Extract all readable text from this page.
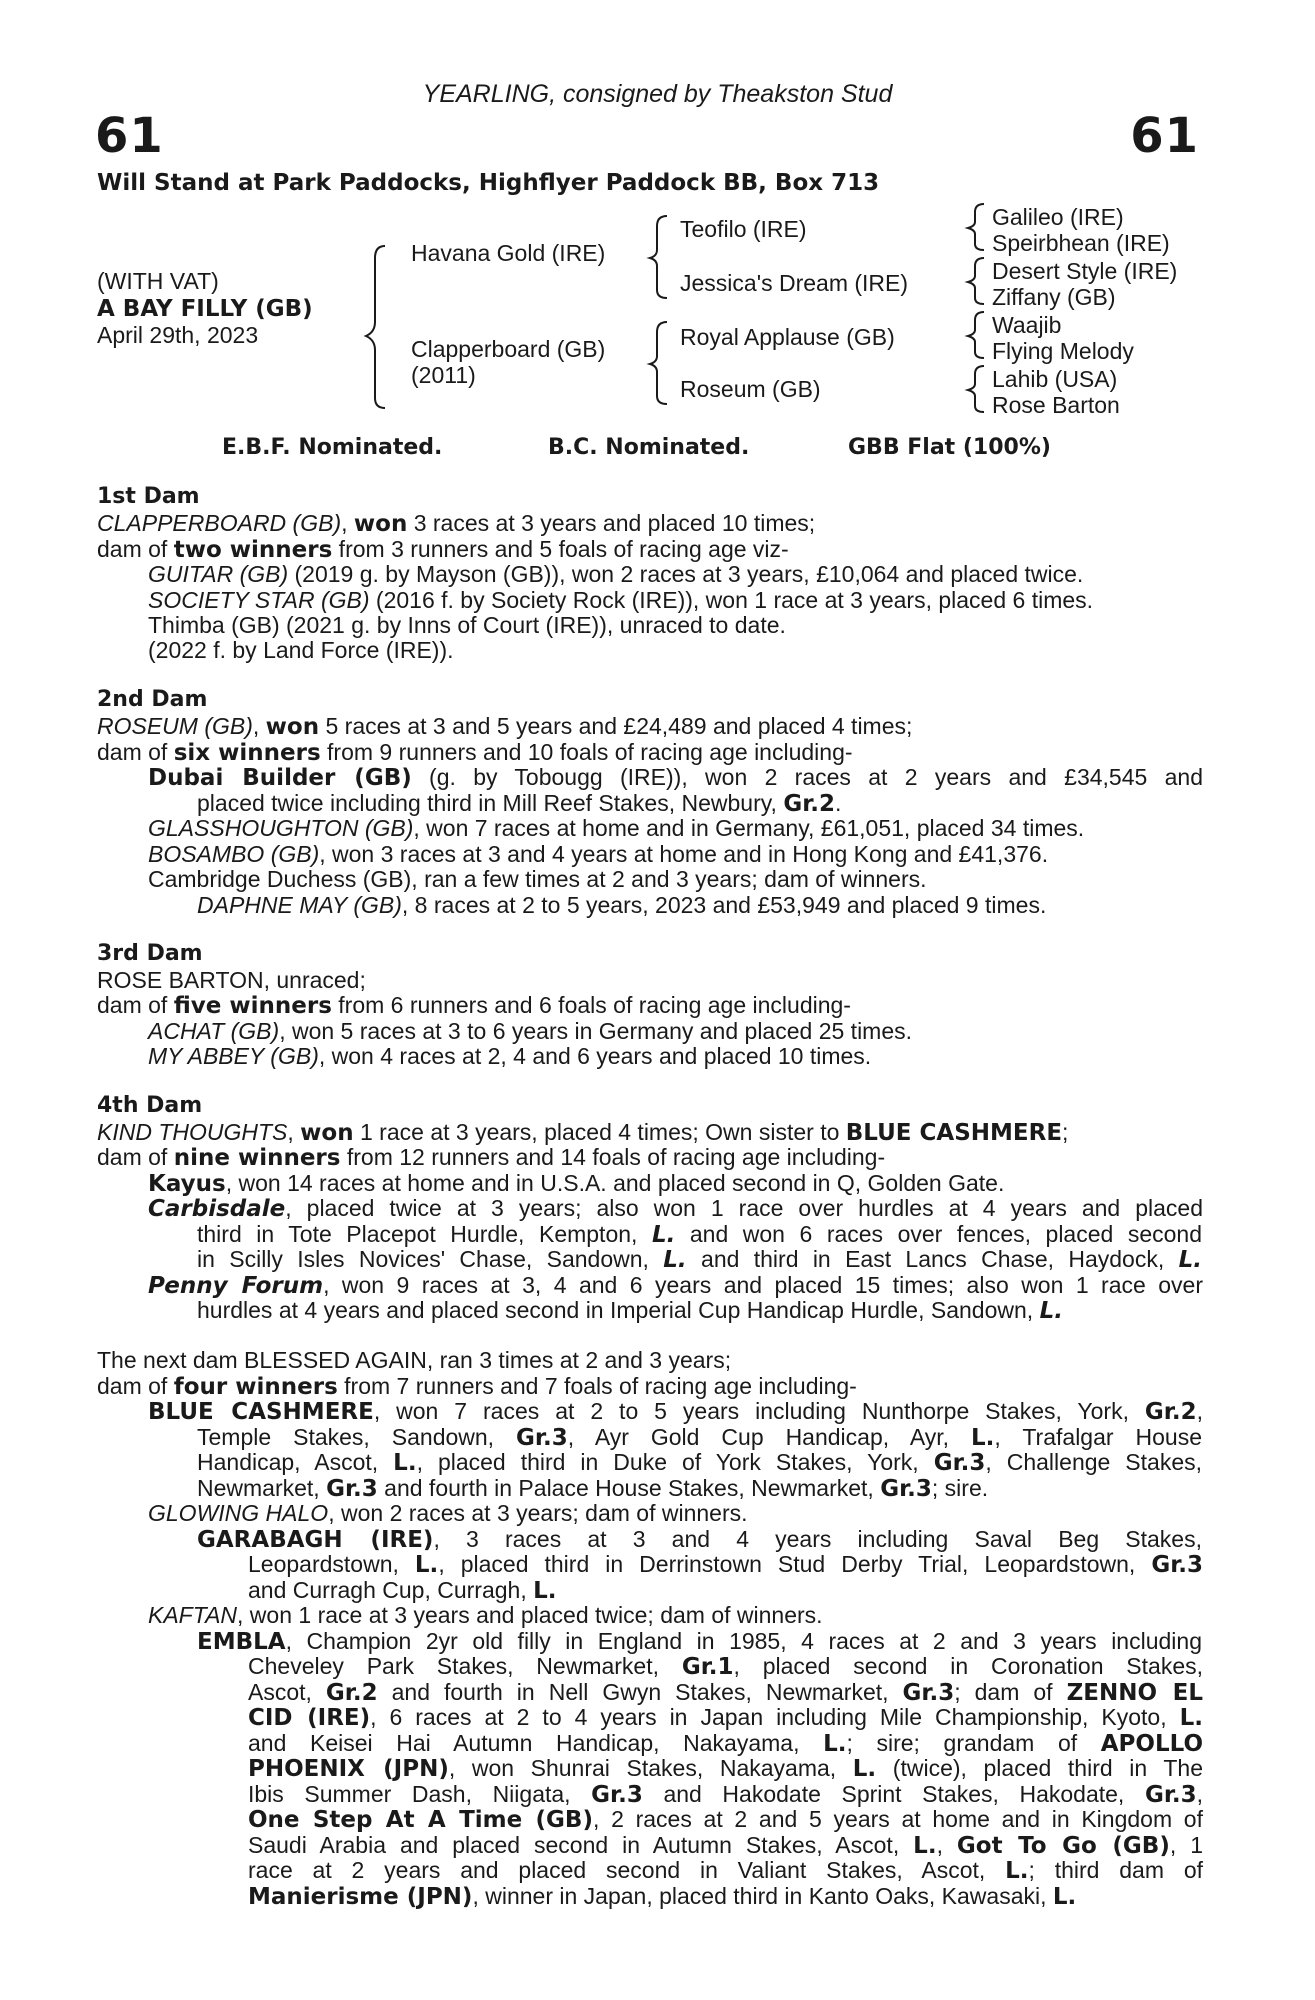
61
YEARLING, consigned by Theakston Stud
61
Will Stand at Park Paddocks, Highflyer Paddock BB, Box 713
(WITH VAT)
A BAY FILLY (GB)
April 29th, 2023
Havana Gold (IRE)
Clapperboard (GB)
(2011)
Teofilo (IRE)
Jessica's Dream (IRE)
Royal Applause (GB)
Roseum (GB)
Galileo (IRE)
Speirbhean (IRE)
Desert Style (IRE)
Ziffany (GB)
Waajib
Flying Melody
Lahib (USA)
Rose Barton
E.B.F. Nominated.	B.C. Nominated.	GBB Flat (100%)
1st Dam
CLAPPERBOARD (GB), won 3 races at 3 years and placed 10 times;
dam of two winners from 3 runners and 5 foals of racing age viz-
GUITAR (GB) (2019 g. by Mayson (GB)), won 2 races at 3 years, £10,064 and placed twice.
SOCIETY STAR (GB) (2016 f. by Society Rock (IRE)), won 1 race at 3 years, placed 6 times.
Thimba (GB) (2021 g. by Inns of Court (IRE)), unraced to date.
(2022 f. by Land Force (IRE)).
2nd Dam
ROSEUM (GB), won 5 races at 3 and 5 years and £24,489 and placed 4 times;
dam of six winners from 9 runners and 10 foals of racing age including-
Dubai Builder (GB) (g. by Tobougg (IRE)), won 2 races at 2 years and £34,545 and
placed twice including third in Mill Reef Stakes, Newbury, Gr.2.
GLASSHOUGHTON (GB), won 7 races at home and in Germany, £61,051, placed 34 times.
BOSAMBO (GB), won 3 races at 3 and 4 years at home and in Hong Kong and £41,376.
Cambridge Duchess (GB), ran a few times at 2 and 3 years; dam of winners.
DAPHNE MAY (GB), 8 races at 2 to 5 years, 2023 and £53,949 and placed 9 times.
3rd Dam
ROSE BARTON, unraced;
dam of five winners from 6 runners and 6 foals of racing age including-
ACHAT (GB), won 5 races at 3 to 6 years in Germany and placed 25 times.
MY ABBEY (GB), won 4 races at 2, 4 and 6 years and placed 10 times.
4th Dam
KIND THOUGHTS, won 1 race at 3 years, placed 4 times; Own sister to BLUE CASHMERE;
dam of nine winners from 12 runners and 14 foals of racing age including-
Kayus, won 14 races at home and in U.S.A. and placed second in Q, Golden Gate.
Carbisdale, placed twice at 3 years; also won 1 race over hurdles at 4 years and placed
third in Tote Placepot Hurdle, Kempton, L. and won 6 races over fences, placed second
in Scilly Isles Novices' Chase, Sandown, L. and third in East Lancs Chase, Haydock, L.
Penny Forum, won 9 races at 3, 4 and 6 years and placed 15 times; also won 1 race over
hurdles at 4 years and placed second in Imperial Cup Handicap Hurdle, Sandown, L.
The next dam BLESSED AGAIN, ran 3 times at 2 and 3 years;
dam of four winners from 7 runners and 7 foals of racing age including-
BLUE CASHMERE, won 7 races at 2 to 5 years including Nunthorpe Stakes, York, Gr.2,
Temple Stakes, Sandown, Gr.3, Ayr Gold Cup Handicap, Ayr, L., Trafalgar House
Handicap, Ascot, L., placed third in Duke of York Stakes, York, Gr.3, Challenge Stakes,
Newmarket, Gr.3 and fourth in Palace House Stakes, Newmarket, Gr.3; sire.
GLOWING HALO, won 2 races at 3 years; dam of winners.
GARABAGH (IRE), 3 races at 3 and 4 years including Saval Beg Stakes,
Leopardstown, L., placed third in Derrinstown Stud Derby Trial, Leopardstown, Gr.3
and Curragh Cup, Curragh, L.
KAFTAN, won 1 race at 3 years and placed twice; dam of winners.
EMBLA, Champion 2yr old filly in England in 1985, 4 races at 2 and 3 years including
Cheveley Park Stakes, Newmarket, Gr.1, placed second in Coronation Stakes,
Ascot, Gr.2 and fourth in Nell Gwyn Stakes, Newmarket, Gr.3; dam of ZENNO EL
CID (IRE), 6 races at 2 to 4 years in Japan including Mile Championship, Kyoto, L.
and Keisei Hai Autumn Handicap, Nakayama, L.; sire; grandam of APOLLO
PHOENIX (JPN), won Shunrai Stakes, Nakayama, L. (twice), placed third in The
Ibis Summer Dash, Niigata, Gr.3 and Hakodate Sprint Stakes, Hakodate, Gr.3,
One Step At A Time (GB), 2 races at 2 and 5 years at home and in Kingdom of
Saudi Arabia and placed second in Autumn Stakes, Ascot, L., Got To Go (GB), 1
race at 2 years and placed second in Valiant Stakes, Ascot, L.; third dam of
Manierisme (JPN), winner in Japan, placed third in Kanto Oaks, Kawasaki, L.
